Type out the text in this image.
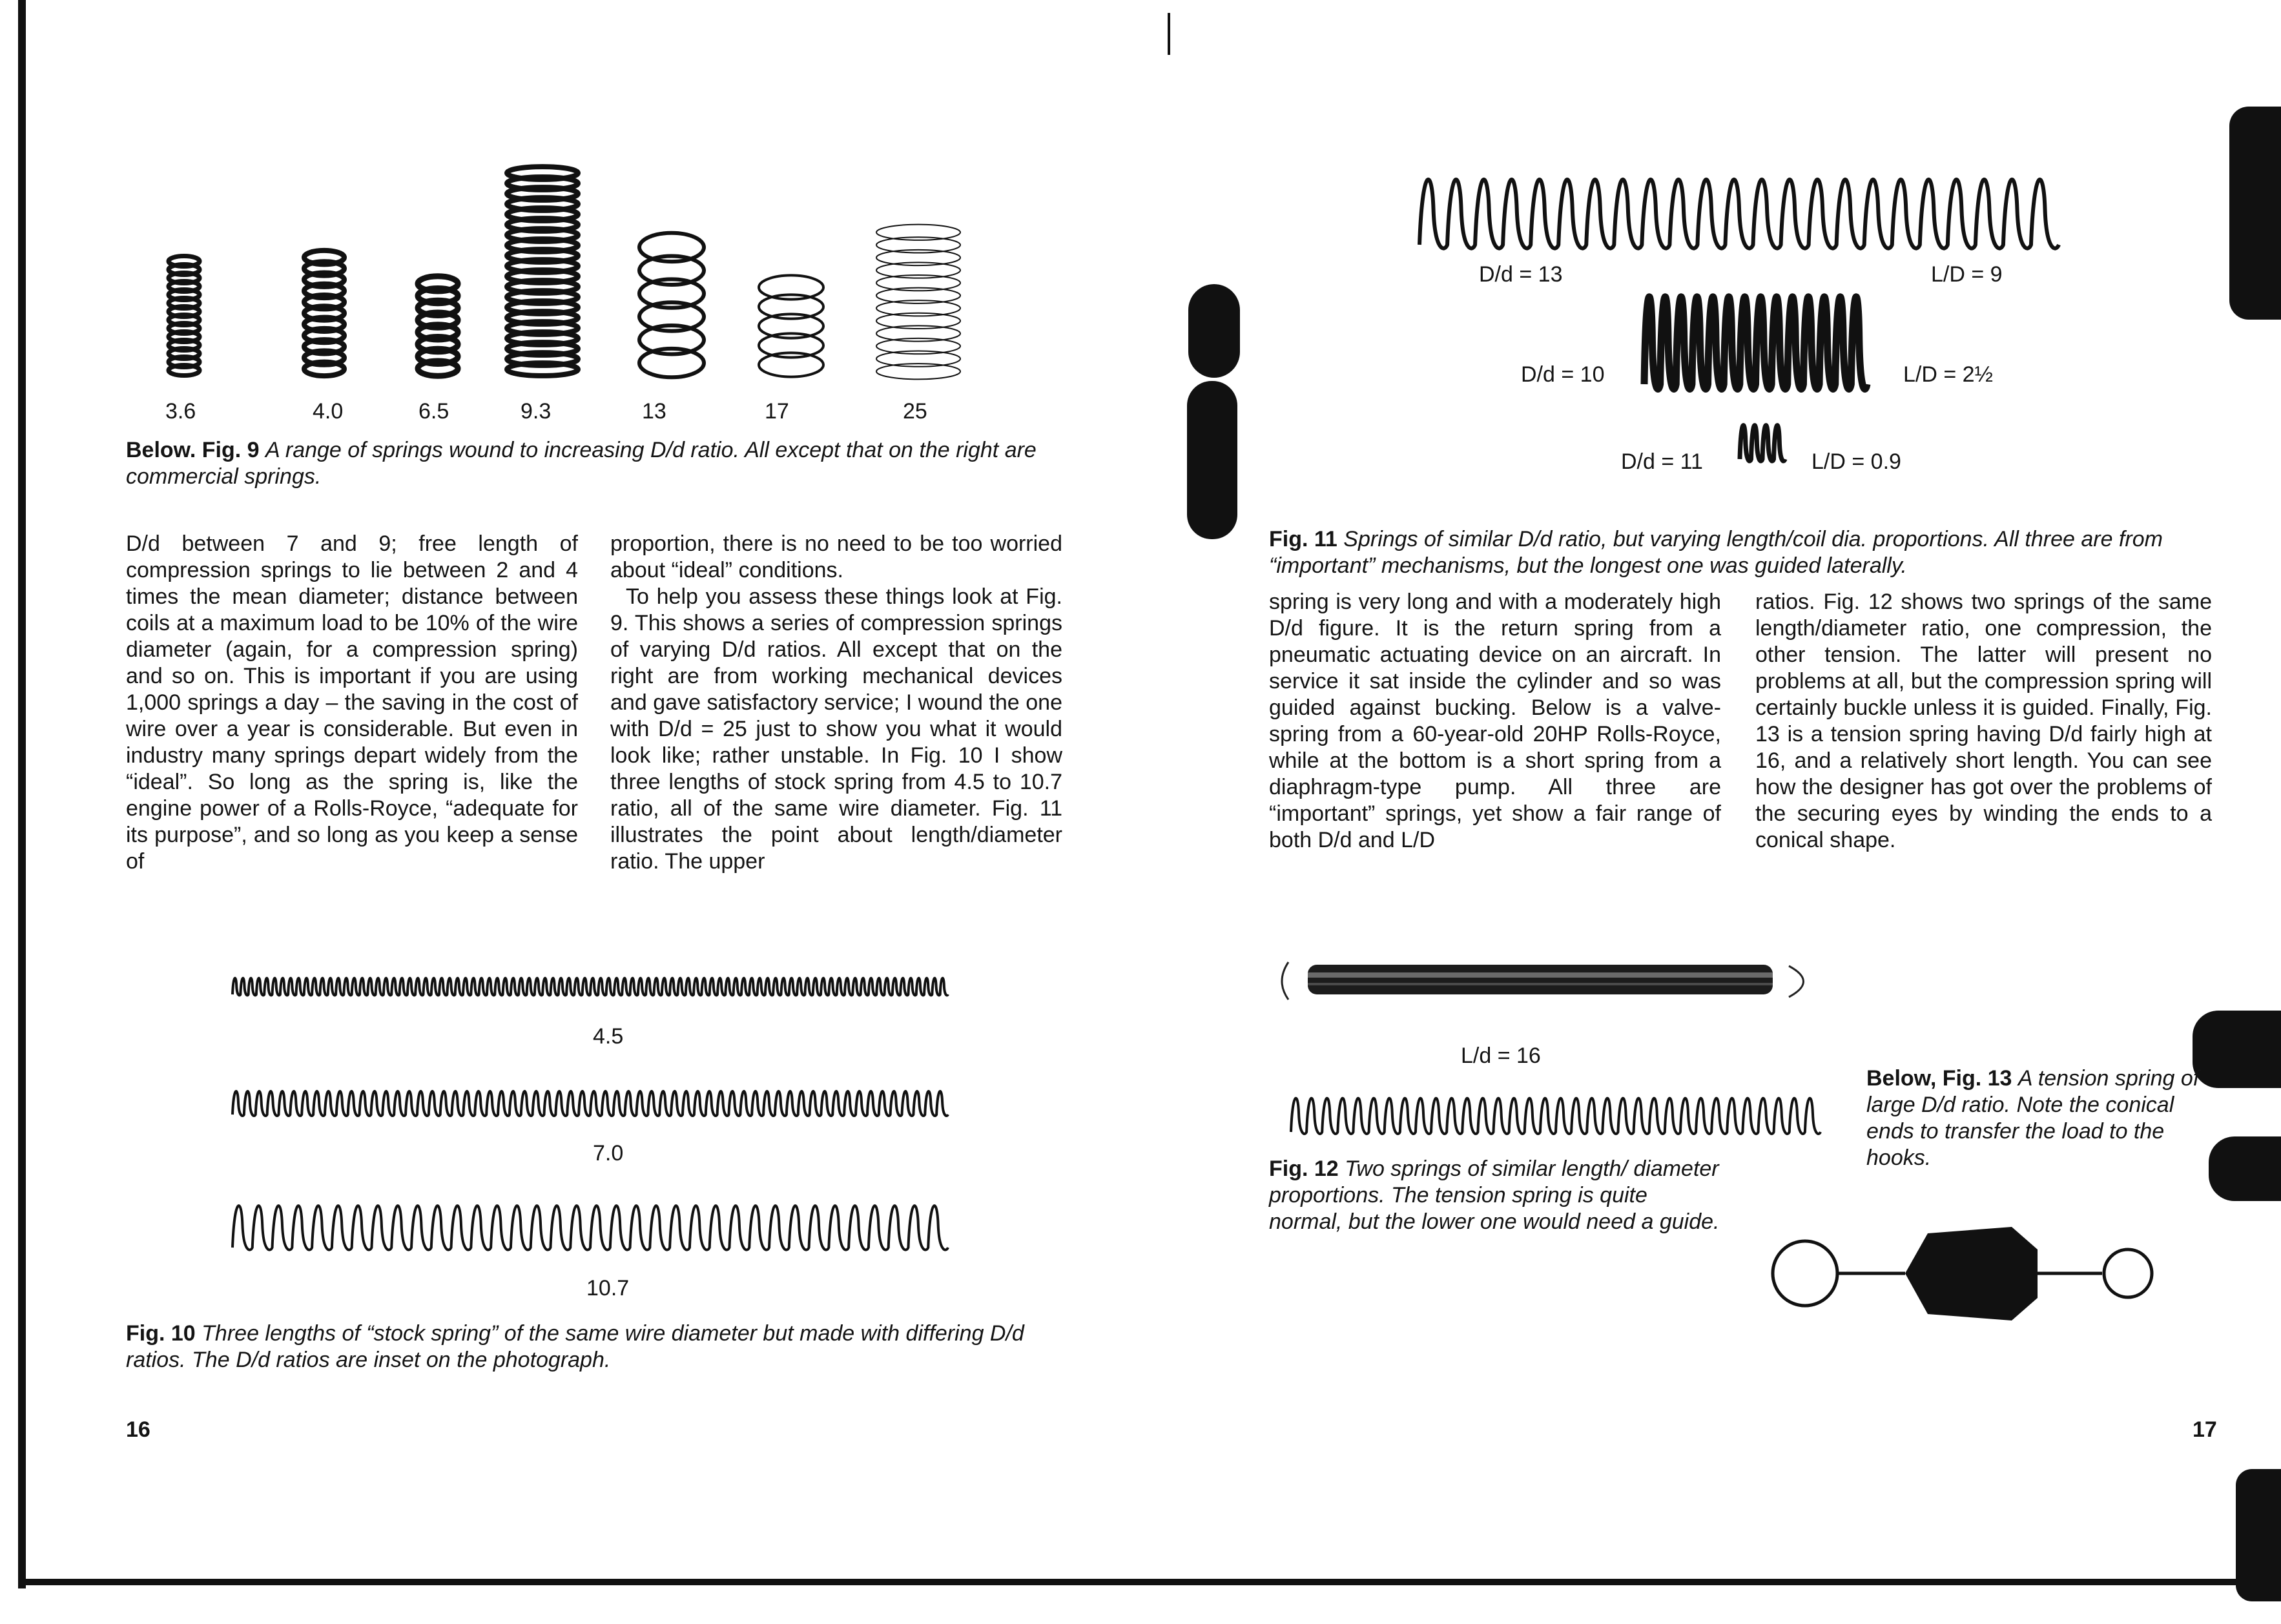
3.6	4.0	6.5	9.3	13	17	25
Below. Fig. 9 A range of springs wound to increasing D/d ratio. All except that on the right are commercial springs.

D/d between 7 and 9; free length of compression springs to lie between 2 and 4 times the mean diameter; distance between coils at a maximum load to be 10% of the wire diameter (again, for a compression spring) and so on. This is important if you are using 1,000 springs a day – the saving in the cost of wire over a year is considerable. But even in industry many springs depart widely from the “ideal”. So long as the spring is, like the engine power of a Rolls-Royce, “adequate for its purpose”, and so long as you keep a sense of

proportion, there is no need to be too worried about “ideal” conditions.

To help you assess these things look at Fig. 9. This shows a series of compression springs of varying D/d ratios. All except that on the right are from working mechanical devices and gave satisfactory service; I wound the one with D/d = 25 just to show you what it would look like; rather unstable. In Fig. 10 I show three lengths of stock spring from 4.5 to 10.7 ratio, all of the same wire diameter. Fig. 11 illustrates the point about length/diameter ratio. The upper

4.5
7.0
10.7
Fig. 10 Three lengths of “stock spring” of the same wire diameter but made with differing D/d ratios. The D/d ratios are inset on the photograph.
16
D/d = 13	L/D = 9
D/d = 10	L/D = 2½
D/d = 11	L/D = 0.9
Fig. 11 Springs of similar D/d ratio, but varying length/coil dia. proportions. All three are from “important” mechanisms, but the longest one was guided laterally.

spring is very long and with a moderately high D/d figure. It is the return spring from a pneumatic actuating device on an aircraft. In service it sat inside the cylinder and so was guided against bucking. Below is a valve-spring from a 60-year-old 20HP Rolls-Royce, while at the bottom is a short spring from a diaphragm-type pump. All three are “important” springs, yet show a fair range of both D/d and L/D

ratios. Fig. 12 shows two springs of the same length/diameter ratio, one compression, the other tension. The latter will present no problems at all, but the compression spring will certainly buckle unless it is guided. Finally, Fig. 13 is a tension spring having D/d fairly high at 16, and a relatively short length. You can see how the designer has got over the problems of the securing eyes by winding the ends to a conical shape.

L/d = 16
Fig. 12 Two springs of similar length/ diameter proportions. The tension spring is quite normal, but the lower one would need a guide.
Below, Fig. 13 A tension spring of large D/d ratio. Note the conical ends to transfer the load to the hooks.
17
